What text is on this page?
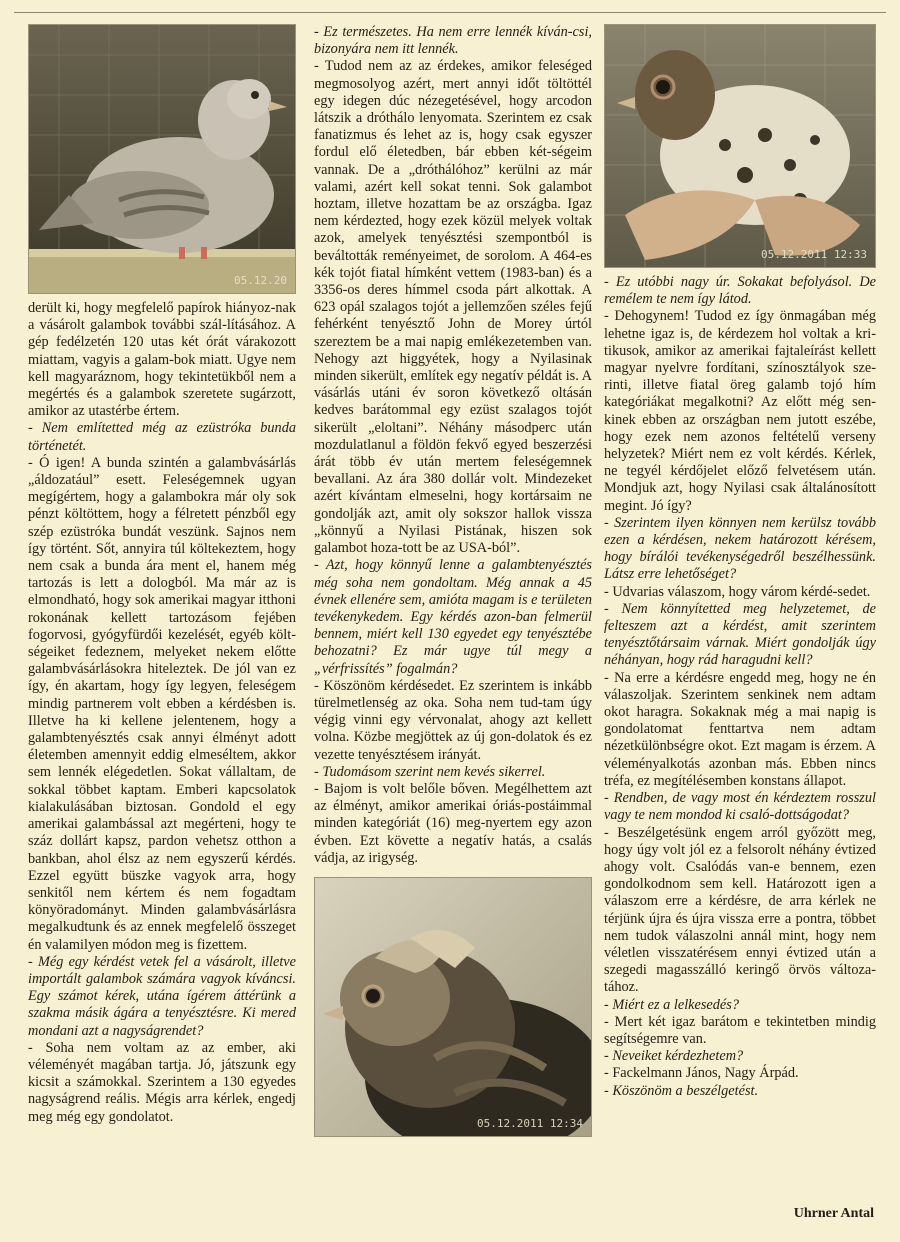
05.12.20

derült ki, hogy megfelelő papírok hiányoz-nak a vásárolt galambok további szál-lításához. A gép fedélzetén 120 utas két órát várakozott miattam, vagyis a galam-bok miatt. Ugye nem kell magyaráznom, hogy tekintetükből nem a megértés és a galambok szeretete sugárzott, amikor az utastérbe értem.

- Nem említetted még az ezüstróka bunda történetét.

- Ó igen! A bunda szintén a galambvásárlás „áldozatául” esett. Feleségemnek ugyan megígértem, hogy a galambokra már oly sok pénzt költöttem, hogy a félretett pénzből egy szép ezüstróka bundát veszünk. Sajnos nem így történt. Sőt, annyira túl költekeztem, hogy nem csak a bunda ára ment el, hanem még tartozás is lett a dologból. Ma már az is elmondható, hogy sok amerikai magyar itthoni rokonának kellett tartozásom fejében fogorvosi, gyógyfürdői kezelését, egyéb költ-ségeiket fedeznem, melyeket nekem előtte galambvásárlásokra hiteleztek. De jól van ez így, én akartam, hogy így legyen, feleségem mindig partnerem volt ebben a kérdésben is. Illetve ha ki kellene jelentenem, hogy a galambtenyésztés csak annyi élményt adott életemben amennyit eddig elmeséltem, akkor sem lennék elégedetlen. Sokat vállaltam, de sokkal többet kaptam. Emberi kapcsolatok kialakulásában biztosan. Gondold el egy amerikai galambással azt megérteni, hogy te száz dollárt kapsz, pardon vehetsz otthon a bankban, ahol élsz az nem egyszerű kérdés. Ezzel együtt büszke vagyok arra, hogy senkitől nem kértem és nem fogadtam könyöradományt. Minden galambvásárlásra megalkudtunk és az ennek megfelelő összeget én valamilyen módon meg is fizettem.

- Még egy kérdést vetek fel a vásárolt, illetve importált galambok számára vagyok kíváncsi. Egy számot kérek, utána ígérem áttérünk a szakma másik ágára a tenyésztésre. Ki mered mondani azt a nagyságrendet?

- Soha nem voltam az az ember, aki véleményét magában tartja. Jó, játszunk egy kicsit a számokkal. Szerintem a 130 egyedes nagyságrend reális. Mégis arra kérlek, engedj meg még egy gondolatot.

- Ez természetes. Ha nem erre lennék kíván-csi, bizonyára nem itt lennék.

- Tudod nem az az érdekes, amikor feleséged megmosolyog azért, mert annyi időt töltöttél egy idegen dúc nézegetésével, hogy arcodon látszik a dróthálo lenyomata. Szerintem ez csak fanatizmus és lehet az is, hogy csak egyszer fordul elő életedben, bár ebben két-ségeim vannak. De a „dróthálóhoz” kerülni az már valami, azért kell sokat tenni. Sok galambot hoztam, illetve hozattam be az országba. Igaz nem kérdezted, hogy ezek közül melyek voltak azok, amelyek tenyésztési szempontból is beváltották reményeimet, de sorolom. A 464-es kék tojót fiatal hímként vettem (1983-ban) és a 3356-os deres hímmel csoda párt alkottak. A 623 opál szalagos tojót a jellemzően széles fejű fehérként tenyésztő John de Morey úrtól szereztem be a mai napig emlékezetemben van. Nehogy azt higgyétek, hogy a Nyilasinak minden sikerült, említek egy negatív példát is. A vásárlás utáni év soron következő oltásán kedves barátommal egy ezüst szalagos tojót sikerült „eloltani”. Néhány másodperc után mozdulatlanul a földön fekvő egyed beszerzési árát több év után mertem feleségemnek bevallani. Az ára 380 dollár volt. Mindezeket azért kívántam elmeselni, hogy kortársaim ne gondolják azt, amit oly sokszor hallok vissza „könnyű a Nyilasi Pistának, hiszen sok galambot hoza-tott be az USA-ból”.

- Azt, hogy könnyű lenne a galambtenyésztés még soha nem gondoltam. Még annak a 45 évnek ellenére sem, amióta magam is e területen tevékenykedem. Egy kérdés azon-ban felmerül bennem, miért kell 130 egyedet egy tenyésztébe behozatni? Ez már ugye túl megy a „vérfrissítés” fogalmán?

- Köszönöm kérdésedet. Ez szerintem is inkább türelmetlenség az oka. Soha nem tud-tam úgy végig vinni egy vérvonalat, ahogy azt kellett volna. Közbe megjöttek az új gon-dolatok és ez vezette tenyésztésem irányát.

- Tudomásom szerint nem kevés sikerrel.

- Bajom is volt belőle bőven. Megélhettem azt az élményt, amikor amerikai óriás-postáimmal minden kategóriát (16) meg-nyertem egy azon évben. Ezt követte a negatív hatás, a csalás vádja, az irigység.

05.12.2011 12:34
05.12.2011 12:33

- Ez utóbbi nagy úr. Sokakat befolyásol. De remélem te nem így látod.

- Dehogynem! Tudod ez így önmagában még lehetne igaz is, de kérdezem hol voltak a kri-tikusok, amikor az amerikai fajtaleírást kellett magyar nyelvre fordítani, színosztályok sze-rinti, illetve fiatal öreg galamb tojó hím kategóriákat megalkotni? Az előtt még sen-kinek ebben az országban nem jutott eszébe, hogy ezek nem azonos feltételű verseny helyzetek? Miért nem ez volt kérdés. Kérlek, ne tegyél kérdőjelet előző felvetésem után. Mondjuk azt, hogy Nyilasi csak általánosított megint. Jó így?

- Szerintem ilyen könnyen nem kerülsz tovább ezen a kérdésen, nekem határozott kérésem, hogy bírálói tevékenységedről beszélhessünk. Látsz erre lehetőséget?

- Udvarias válaszom, hogy várom kérdé-sedet.

- Nem könnyítetted meg helyzetemet, de felteszem azt a kérdést, amit szerintem tenyésztőtársaim várnak. Miért gondolják úgy néhányan, hogy rád haragudni kell?

- Na erre a kérdésre engedd meg, hogy ne én válaszoljak. Szerintem senkinek nem adtam okot haragra. Sokaknak még a mai napig is gondolatomat fenttartva nem adtam nézetkülönbségre okot. Ezt magam is érzem. A véleményalkotás azonban más. Ebben nincs tréfa, ez megítélésemben konstans állapot.

- Rendben, de vagy most én kérdeztem rosszul vagy te nem mondod ki csaló-dottságodat?

- Beszélgetésünk engem arról győzött meg, hogy úgy volt jól ez a felsorolt néhány évtized ahogy volt. Csalódás van-e bennem, ezen gondolkodnom sem kell. Határozott igen a válaszom erre a kérdésre, de arra kérlek ne térjünk újra és újra vissza erre a pontra, többet nem tudok válaszolni annál mint, hogy nem véletlen visszatérésem ennyi évtized után a szegedi magasszálló keringő örvös változa-tához.

- Miért ez a lelkesedés?

- Mert két igaz barátom e tekintetben mindig segítségemre van.

- Neveiket kérdezhetem?

- Fackelmann János, Nagy Árpád.

- Köszönöm a beszélgetést.

Uhrner Antal
